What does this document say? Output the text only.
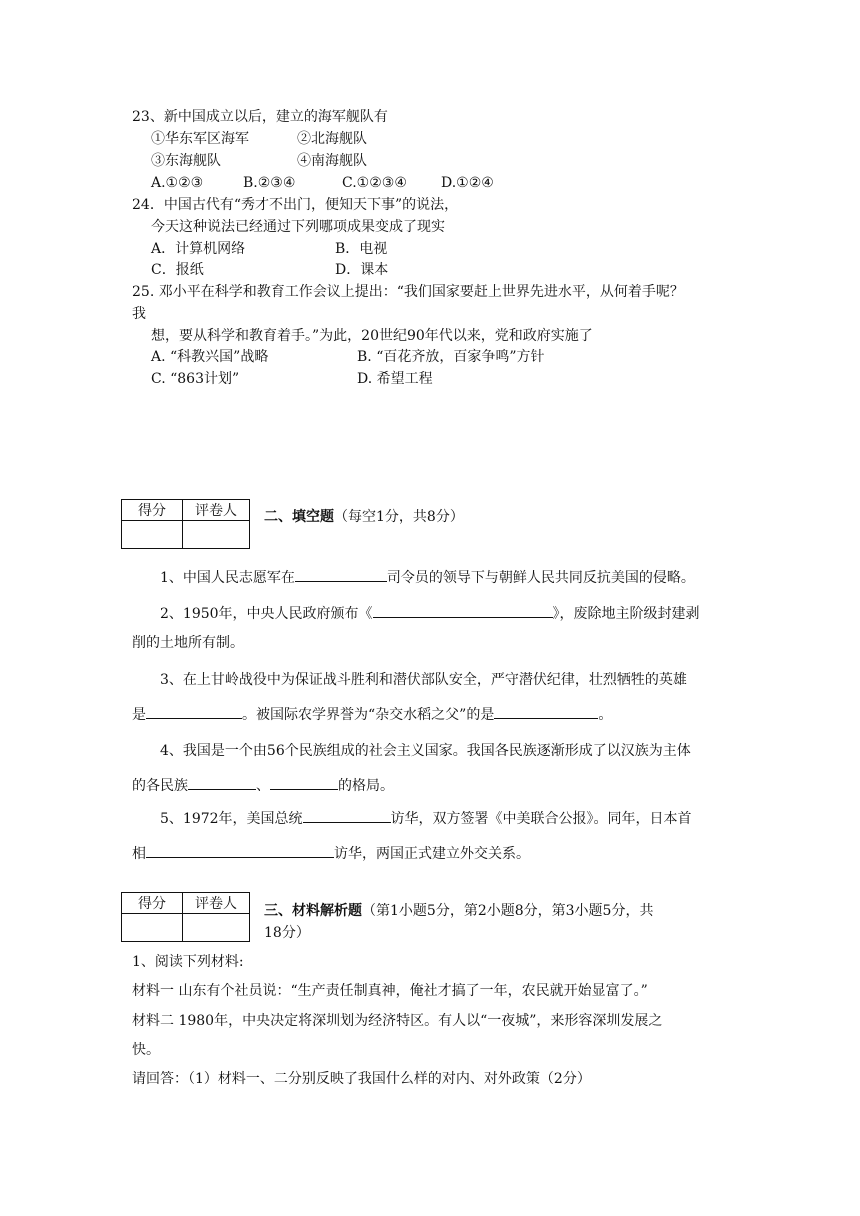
23、新中国成立以后，建立的海军舰队有
①华东军区海军	②北海舰队
③东海舰队	④南海舰队
A.①②③	B.②③④	C.①②③④ D.①②④
24．中国古代有“秀才不出门，便知天下事”的说法，
今天这种说法已经通过下列哪项成果变成了现实
A．计算机网络	B．电视
C．报纸	D．课本
25. 邓小平在科学和教育工作会议上提出：“我们国家要赶上世界先进水平，从何着手呢？
我
想，要从科学和教育着手。”为此，20世纪90年代以来，党和政府实施了
A. “科教兴国”战略	B. “百花齐放，百家争鸣”方针
C. “863计划”	D. 希望工程
得分	评卷人
	二、填空题（每空1分，共8分）
1、中国人民志愿军在	司令员的领导下与朝鲜人民共同反抗美国的侵略。
2、1950年，中央人民政府颁布《	》，废除地主阶级封建剥
削的土地所有制。
3、在上甘岭战役中为保证战斗胜利和潜伏部队安全，严守潜伏纪律，壮烈牺牲的英雄
是	。被国际农学界誉为“杂交水稻之父”的是	。
4、我国是一个由56个民族组成的社会主义国家。我国各民族逐渐形成了以汉族为主体
的各民族	、	的格局。
5、1972年，美国总统	访华，双方签署《中美联合公报》。同年，日本首
相	访华，两国正式建立外交关系。
得分	评卷人
	三、材料解析题（第1小题5分，第2小题8分，第3小题5分，共
18分）
1、阅读下列材料:
材料一 山东有个社员说：“生产责任制真神，俺社才搞了一年，农民就开始显富了。”
材料二 1980年，中央决定将深圳划为经济特区。有人以“一夜城”，来形容深圳发展之
快。
请回答：（1）材料一、二分别反映了我国什么样的对内、对外政策（2分）
